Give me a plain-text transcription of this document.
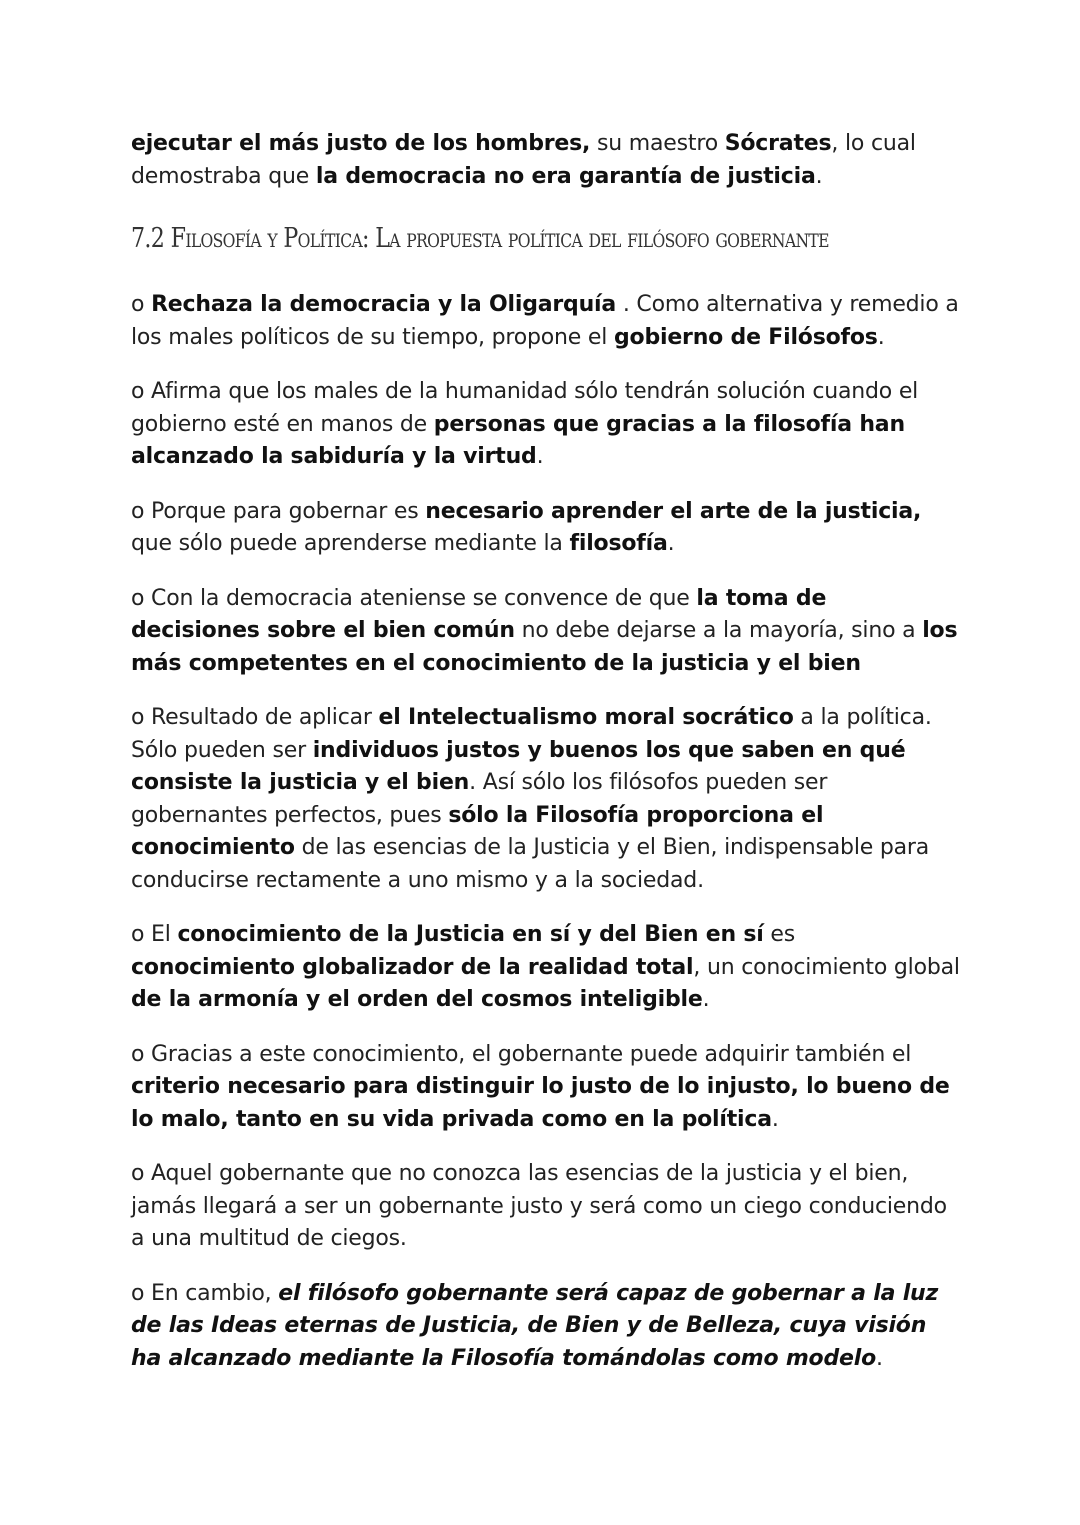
ejecutar el más justo de los hombres, su maestro Sócrates, lo cual demostraba que la democracia no era garantía de justicia.

7.2 Filosofía y Política: La propuesta política del filósofo gobernante

o Rechaza la democracia y la Oligarquía . Como alternativa y remedio a los males políticos de su tiempo, propone el gobierno de Filósofos.

o Afirma que los males de la humanidad sólo tendrán solución cuando el gobierno esté en manos de personas que gracias a la filosofía han alcanzado la sabiduría y la virtud.

o Porque para gobernar es necesario aprender el arte de la justicia, que sólo puede aprenderse mediante la filosofía.

o Con la democracia ateniense se convence de que la toma de decisiones sobre el bien común no debe dejarse a la mayoría, sino a los más competentes en el conocimiento de la justicia y el bien

o Resultado de aplicar el Intelectualismo moral socrático a la política. Sólo pueden ser individuos justos y buenos los que saben en qué consiste la justicia y el bien. Así sólo los filósofos pueden ser gobernantes perfectos, pues sólo la Filosofía proporciona el conocimiento de las esencias de la Justicia y el Bien, indispensable para conducirse rectamente a uno mismo y a la sociedad.

o El conocimiento de la Justicia en sí y del Bien en sí es conocimiento globalizador de la realidad total, un conocimiento global de la armonía y el orden del cosmos inteligible.

o Gracias a este conocimiento, el gobernante puede adquirir también el criterio necesario para distinguir lo justo de lo injusto, lo bueno de lo malo, tanto en su vida privada como en la política.

o Aquel gobernante que no conozca las esencias de la justicia y el bien, jamás llegará a ser un gobernante justo y será como un ciego conduciendo a una multitud de ciegos.

o En cambio, el filósofo gobernante será capaz de gobernar a la luz de las Ideas eternas de Justicia, de Bien y de Belleza, cuya visión ha alcanzado mediante la Filosofía tomándolas como modelo.
